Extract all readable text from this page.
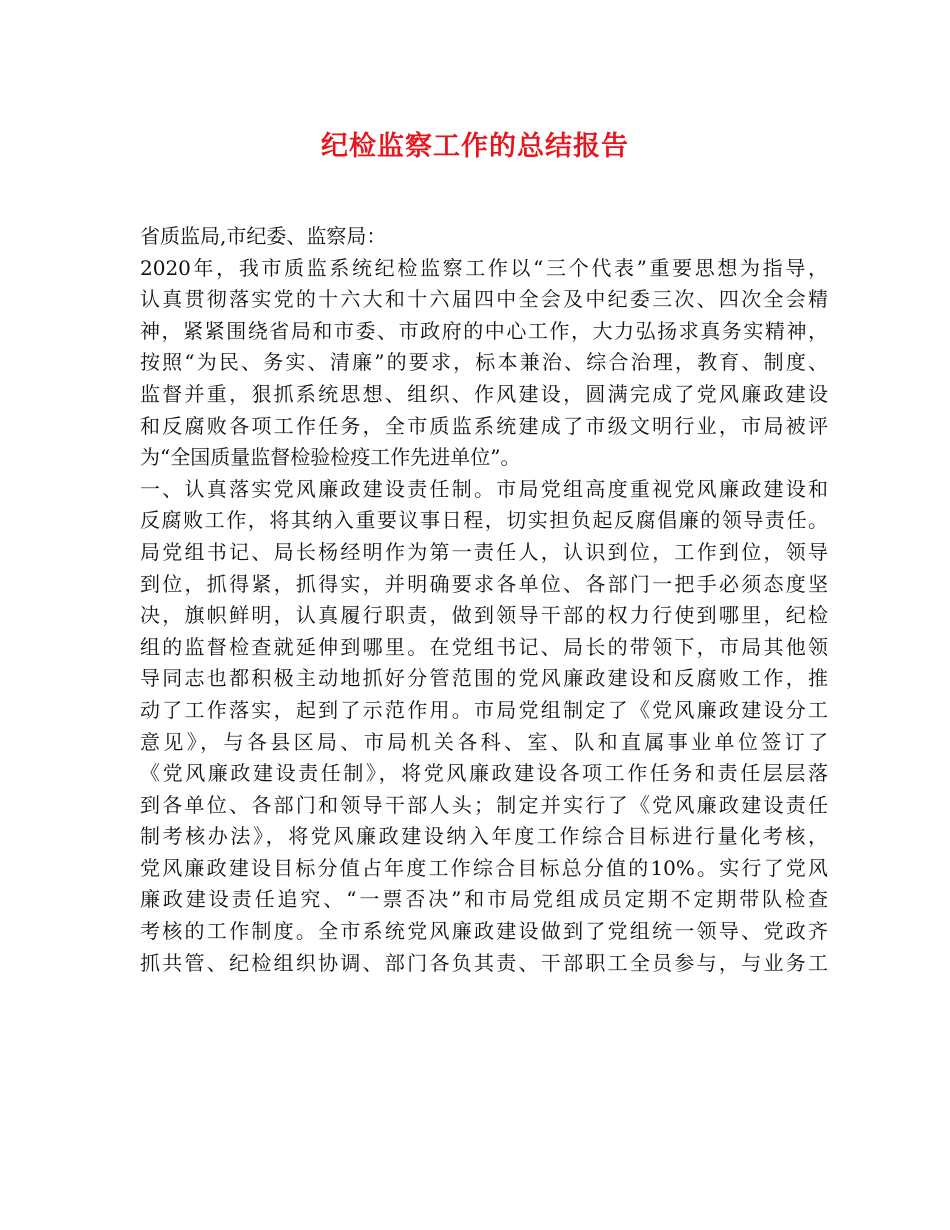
纪检监察工作的总结报告
省质监局,市纪委、监察局：
2020年，我市质监系统纪检监察工作以“三个代表”重要思想为指导，
认真贯彻落实党的十六大和十六届四中全会及中纪委三次、四次全会精
神，紧紧围绕省局和市委、市政府的中心工作，大力弘扬求真务实精神，
按照“为民、务实、清廉”的要求，标本兼治、综合治理，教育、制度、
监督并重，狠抓系统思想、组织、作风建设，圆满完成了党风廉政建设
和反腐败各项工作任务，全市质监系统建成了市级文明行业，市局被评
为“全国质量监督检验检疫工作先进单位”。
一、认真落实党风廉政建设责任制。市局党组高度重视党风廉政建设和
反腐败工作，将其纳入重要议事日程，切实担负起反腐倡廉的领导责任。
局党组书记、局长杨经明作为第一责任人，认识到位，工作到位，领导
到位，抓得紧，抓得实，并明确要求各单位、各部门一把手必须态度坚
决，旗帜鲜明，认真履行职责，做到领导干部的权力行使到哪里，纪检
组的监督检查就延伸到哪里。在党组书记、局长的带领下，市局其他领
导同志也都积极主动地抓好分管范围的党风廉政建设和反腐败工作，推
动了工作落实，起到了示范作用。市局党组制定了《党风廉政建设分工
意见》，与各县区局、市局机关各科、室、队和直属事业单位签订了
《党风廉政建设责任制》，将党风廉政建设各项工作任务和责任层层落
到各单位、各部门和领导干部人头；制定并实行了《党风廉政建设责任
制考核办法》，将党风廉政建设纳入年度工作综合目标进行量化考核，
党风廉政建设目标分值占年度工作综合目标总分值的10%。实行了党风
廉政建设责任追究、“一票否决”和市局党组成员定期不定期带队检查
考核的工作制度。全市系统党风廉政建设做到了党组统一领导、党政齐
抓共管、纪检组织协调、部门各负其责、干部职工全员参与，与业务工
